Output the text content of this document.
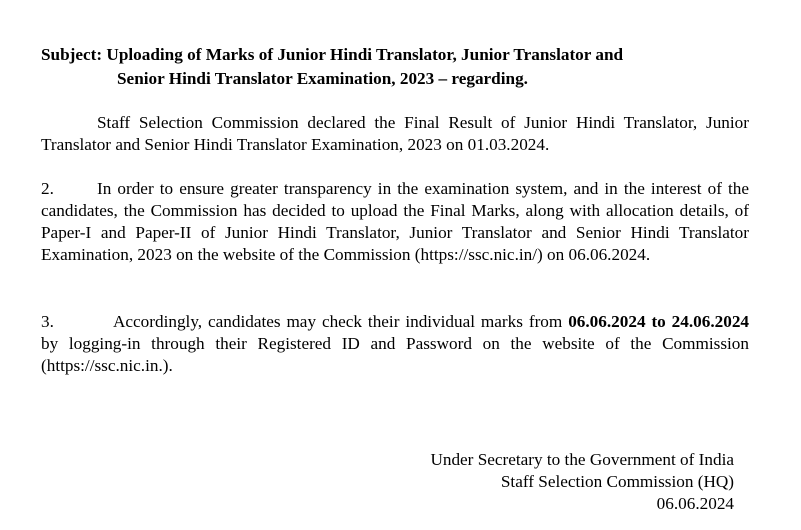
Subject: Uploading of Marks of Junior Hindi Translator, Junior Translator and
Senior Hindi Translator Examination, 2023 – regarding.
Staff Selection Commission declared the Final Result of Junior Hindi Translator, Junior Translator and Senior Hindi Translator Examination, 2023 on 01.03.2024.
2.	In order to ensure greater transparency in the examination system, and in the interest of the candidates, the Commission has decided to upload the Final Marks, along with allocation details, of Paper-I and Paper-II of Junior Hindi Translator, Junior Translator and Senior Hindi Translator Examination, 2023 on the website of the Commission (https://ssc.nic.in/) on 06.06.2024.
3.	Accordingly, candidates may check their individual marks from 06.06.2024 to 24.06.2024 by logging-in through their Registered ID and Password on the website of the Commission (https://ssc.nic.in.).
Under Secretary to the Government of India
Staff Selection Commission (HQ)
06.06.2024
